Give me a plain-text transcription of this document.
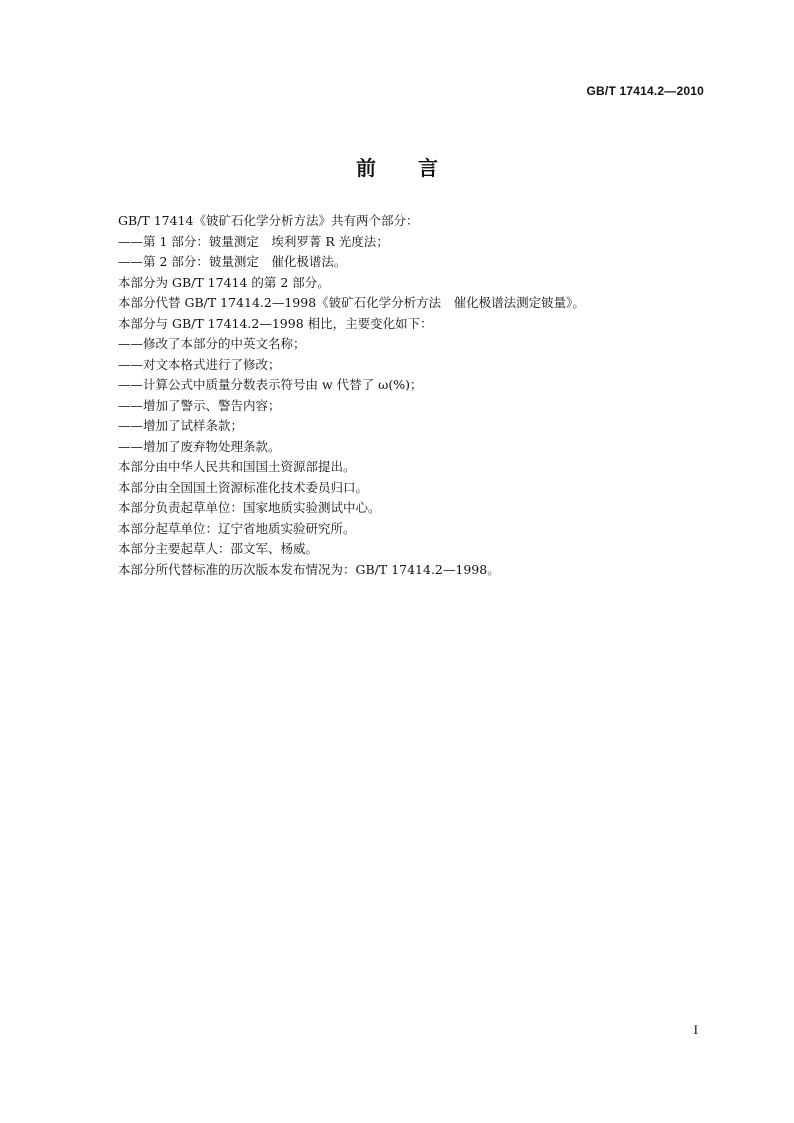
GB/T 17414.2—2010
前言
GB/T 17414《铍矿石化学分析方法》共有两个部分：
——第 1 部分：铍量测定　埃利罗菁 R 光度法；
——第 2 部分：铍量测定　催化极谱法。
本部分为 GB/T 17414 的第 2 部分。
本部分代替 GB/T 17414.2—1998《铍矿石化学分析方法　催化极谱法测定铍量》。
本部分与 GB/T 17414.2—1998 相比，主要变化如下：
——修改了本部分的中英文名称；
——对文本格式进行了修改；
——计算公式中质量分数表示符号由 w 代替了 ω(%)；
——增加了警示、警告内容；
——增加了试样条款；
——增加了废弃物处理条款。
本部分由中华人民共和国国土资源部提出。
本部分由全国国土资源标准化技术委员归口。
本部分负责起草单位：国家地质实验测试中心。
本部分起草单位：辽宁省地质实验研究所。
本部分主要起草人：邵文军、杨威。
本部分所代替标准的历次版本发布情况为：GB/T 17414.2—1998。
I
